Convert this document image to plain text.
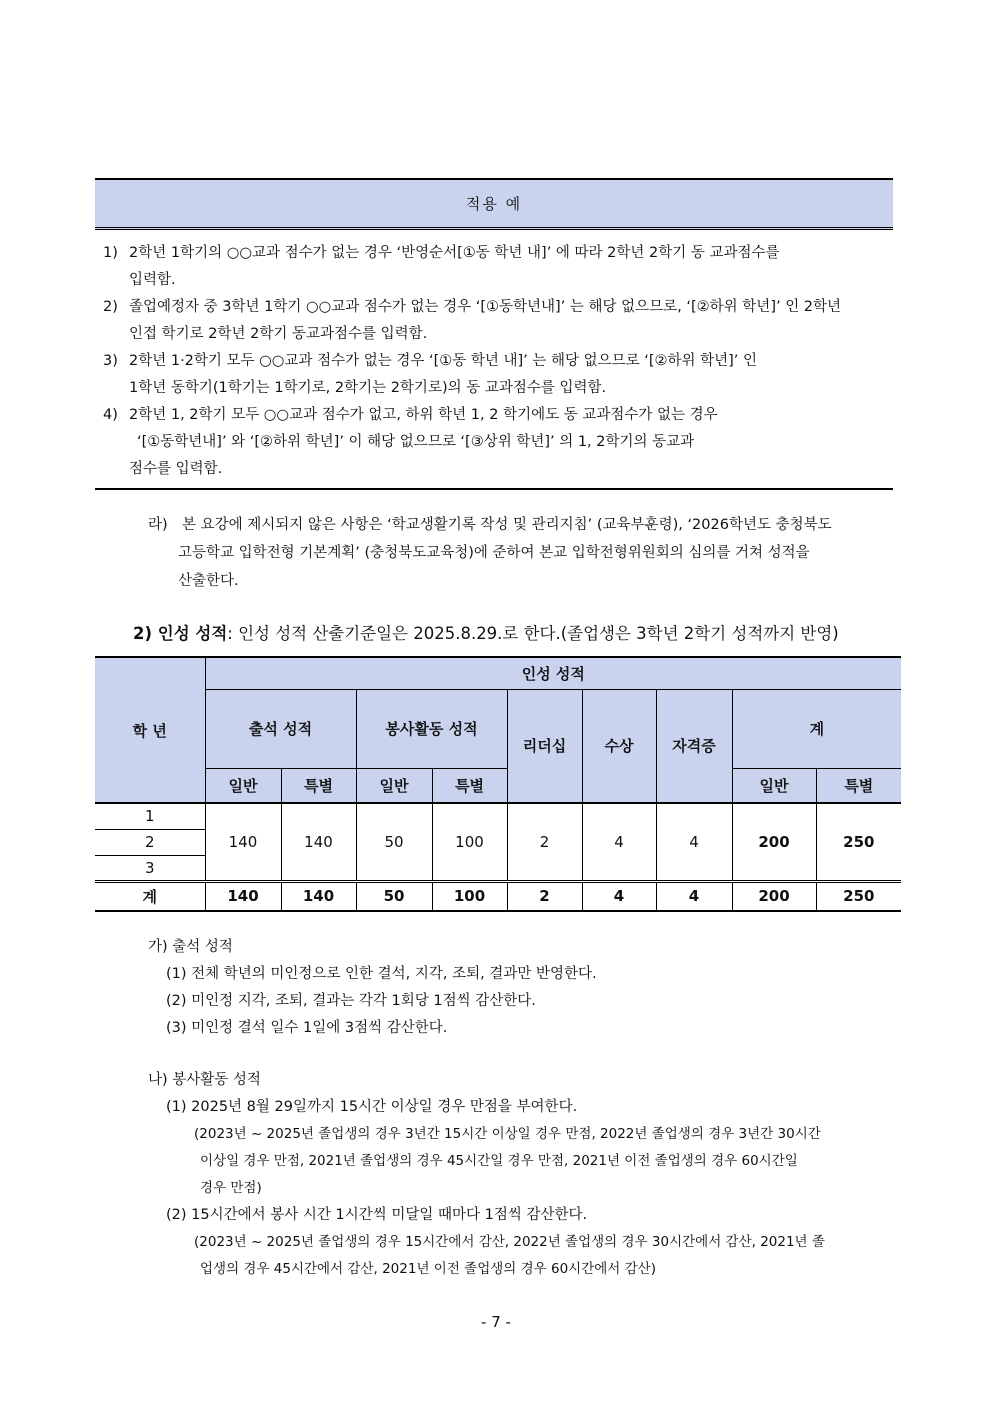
적용 예
1) 2학년 1학기의 ○○교과 점수가 없는 경우 ‘반영순서[①동 학년 내]’ 에 따라 2학년 2학기 동 교과점수를
입력함.
2) 졸업예정자 중 3학년 1학기 ○○교과 점수가 없는 경우 ‘[①동학년내]’ 는 해당 없으므로, ‘[②하위 학년]’ 인 2학년
인접 학기로 2학년 2학기 동교과점수를 입력함.
3) 2학년 1·2학기 모두 ○○교과 점수가 없는 경우 ‘[①동 학년 내]’ 는 해당 없으므로 ‘[②하위 학년]’ 인
1학년 동학기(1학기는 1학기로, 2학기는 2학기로)의 동 교과점수를 입력함.
4) 2학년 1, 2학기 모두 ○○교과 점수가 없고, 하위 학년 1, 2 학기에도 동 교과점수가 없는 경우
‘[①동학년내]’ 와 ‘[②하위 학년]’ 이 해당 없으므로 ‘[③상위 학년]’ 의 1, 2학기의 동교과
점수를 입력함.
라) 본 요강에 제시되지 않은 사항은 ‘학교생활기록 작성 및 관리지침’ (교육부훈령), ‘2026학년도 충청북도
고등학교 입학전형 기본계획’ (충청북도교육청)에 준하여 본교 입학전형위원회의 심의를 거쳐 성적을
산출한다.
2) 인성 성적: 인성 성적 산출기준일은 2025.8.29.로 한다.(졸업생은 3학년 2학기 성적까지 반영)
학 년	인성 성적								
	출석 성적		봉사활동 성적		리더십	수상	자격증	계	
	일반	특별	일반	특별				일반	특별
1	140	140	50	100	2	4	4	200	250
2									
3									
계	140	140	50	100	2	4	4	200	250
가) 출석 성적
(1) 전체 학년의 미인정으로 인한 결석, 지각, 조퇴, 결과만 반영한다.
(2) 미인정 지각, 조퇴, 결과는 각각 1회당 1점씩 감산한다.
(3) 미인정 결석 일수 1일에 3점씩 감산한다.
나) 봉사활동 성적
(1) 2025년 8월 29일까지 15시간 이상일 경우 만점을 부여한다.
(2023년 ~ 2025년 졸업생의 경우 3년간 15시간 이상일 경우 만점, 2022년 졸업생의 경우 3년간 30시간
이상일 경우 만점, 2021년 졸업생의 경우 45시간일 경우 만점, 2021년 이전 졸업생의 경우 60시간일
경우 만점)
(2) 15시간에서 봉사 시간 1시간씩 미달일 때마다 1점씩 감산한다.
(2023년 ~ 2025년 졸업생의 경우 15시간에서 감산, 2022년 졸업생의 경우 30시간에서 감산, 2021년 졸
업생의 경우 45시간에서 감산, 2021년 이전 졸업생의 경우 60시간에서 감산)
- 7 -
